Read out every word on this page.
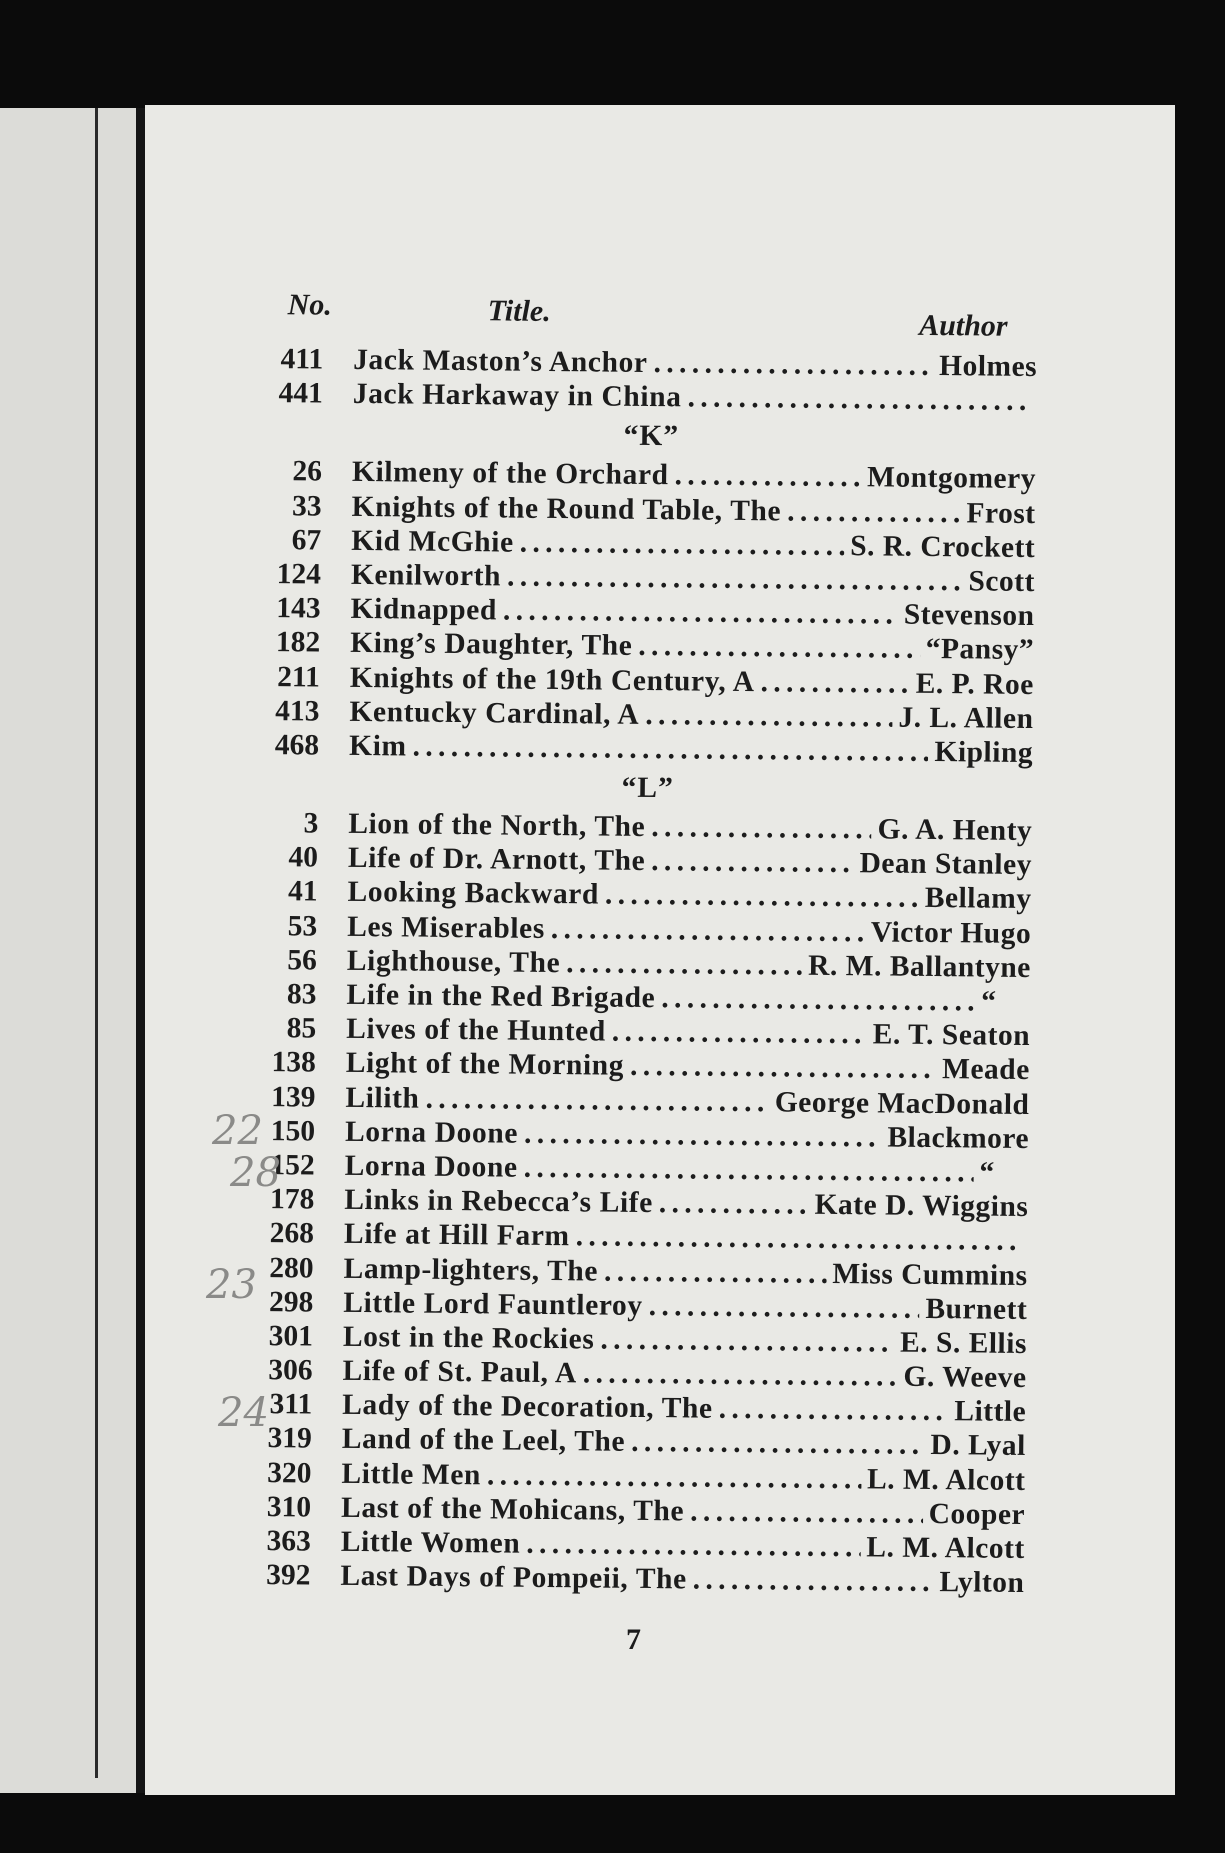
No.	Title.	Author
411	Jack Maston’s Anchor . . .	Holmes
441	Jack Harkaway in China
. . .
“K”
26	Kilmeny of the Orchard . . .	Montgomery
33	Knights of the Round Table, The . . .	Frost
67	Kid McGhie . . .	S. R. Crockett
124	Kenilworth . . .	Scott
143	Kidnapped . . .	Stevenson
182	King’s Daughter, The . . .	“Pansy”
211	Knights of the 19th Century, A . . .	E. P. Roe
413	Kentucky Cardinal, A . . .	J. L. Allen
468	Kim . . .	Kipling
“L”
3	Lion of the North, The . . .	G. A. Henty
40	Life of Dr. Arnott, The . . .	Dean Stanley
41	Looking Backward . . .	Bellamy
53	Les Miserables . . .	Victor Hugo
56	Lighthouse, The . . .	R. M. Ballantyne
83	Life in the Red Brigade . . .	“
85	Lives of the Hunted . . .	E. T. Seaton
138	Light of the Morning . . .	Meade
139	Lilith . . .	George MacDonald
150	Lorna Doone . . .	Blackmore
152	Lorna Doone . . .	“
178	Links in Rebecca’s Life . . .	Kate D. Wiggins
268	Life at Hill Farm
. . .
280	Lamp-lighters, The . . .	Miss Cummins
298	Little Lord Fauntleroy . . .	Burnett
301	Lost in the Rockies . . .	E. S. Ellis
306	Life of St. Paul, A . . .	G. Weeve
311	Lady of the Decoration, The . . .	Little
319	Land of the Leel, The . . .	D. Lyal
320	Little Men . . .	L. M. Alcott
310	Last of the Mohicans, The . . .	Cooper
363	Little Women . . .	L. M. Alcott
392	Last Days of Pompeii, The . . .	Lylton
7
22
28
23
24
